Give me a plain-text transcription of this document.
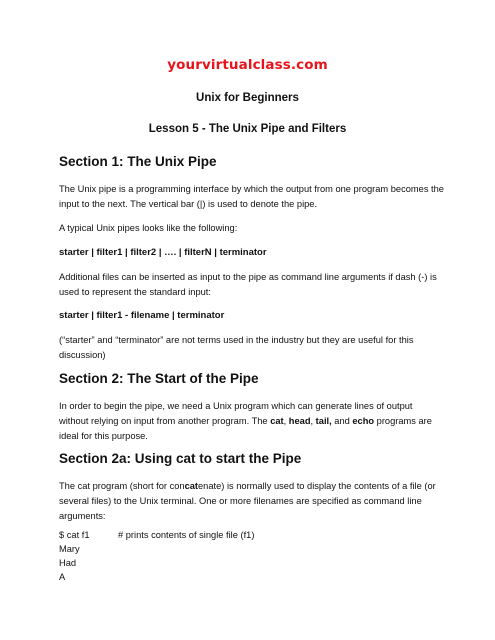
yourvirtualclass.com
Unix for Beginners
Lesson 5 - The Unix Pipe and Filters
Section 1: The Unix Pipe
The Unix pipe is a programming interface by which the output from one program becomes the input to the next. The vertical bar (|) is used to denote the pipe.
A typical Unix pipes looks like the following:
starter | filter1 | filter2 | …. | filterN | terminator
Additional files can be inserted as input to the pipe as command line arguments if dash (-) is used to represent the standard input:
starter | filter1 - filename | terminator
(“starter” and “terminator” are not terms used in the industry but they are useful for this discussion)
Section 2: The Start of the Pipe
In order to begin the pipe, we need a Unix program which can generate lines of output without relying on input from another program. The cat, head, tail, and echo programs are ideal for this purpose.
Section 2a: Using cat to start the Pipe
The cat program (short for concatenate) is normally used to display the contents of a file (or several files) to the Unix terminal. One or more filenames are specified as command line arguments:
$ cat f1	# prints contents of single file (f1)
Mary
Had
A
